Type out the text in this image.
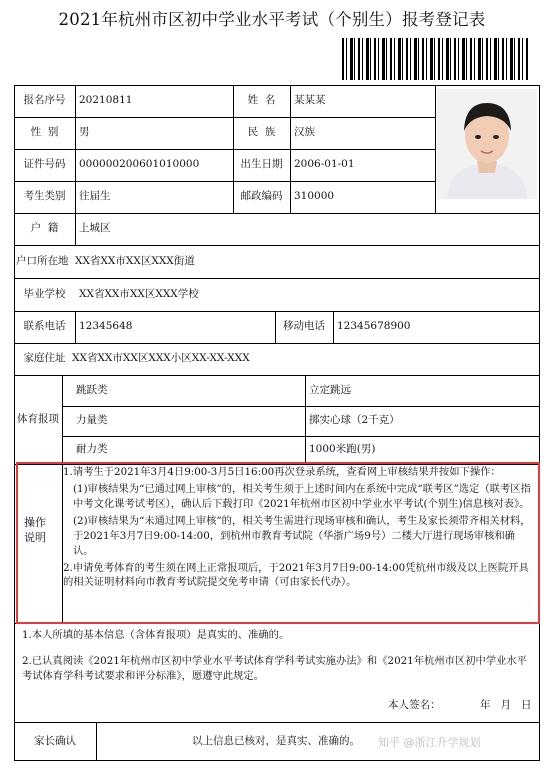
2021年杭州市区初中学业水平考试（个别生）报考登记表
报名序号	20210811	姓  名	某某某
性  别	男	民  族	汉族
证件号码	000000200601010000	出生日期	2006-01-01
考生类别	往届生	邮政编码	310000
户  籍	上城区
户口所在地 XX省XX市XX区XXX街道
毕业学校	XX省XX市XX区XXX学校
联系电话	12345648	移动电话	12345678900
家庭住址 XX省XX市XX区XXX小区XX-XX-XXX
体育报项
跳跃类	立定跳远
力量类	掷实心球（2千克）
耐力类	1000米跑(男)
操作说明

1.请考生于2021年3月4日9:00-3月5日16:00再次登录系统，查看网上审核结果并按如下操作：

(1)审核结果为“已通过网上审核”的，相关考生须于上述时间内在系统中完成“联考区”选定（联考区指中考文化课考试考区），确认后下载打印《2021年杭州市区初中学业水平考试(个别生)信息核对表》。

(2)审核结果为“未通过网上审核”的，相关考生需进行现场审核和确认，考生及家长须带齐相关材料，于2021年3月7日9:00-14:00，到杭州市教育考试院（华浙广场9号）二楼大厅进行现场审核和确认。

2.申请免考体育的考生须在网上正常报项后，于2021年3月7日9:00-14:00凭杭州市级及以上医院开具的相关证明材料向市教育考试院提交免考申请（可由家长代办）。

1.本人所填的基本信息（含体育报项）是真实的、准确的。
2.已认真阅读《2021年杭州市区初中学业水平考试体育学科考试实施办法》和《2021年杭州市区初中学业水平考试体育学科考试要求和评分标准》，愿遵守此规定。
本人签名：	年   月   日
家长确认	以上信息已核对，是真实、准确的。	知乎 @浙江升学规划
